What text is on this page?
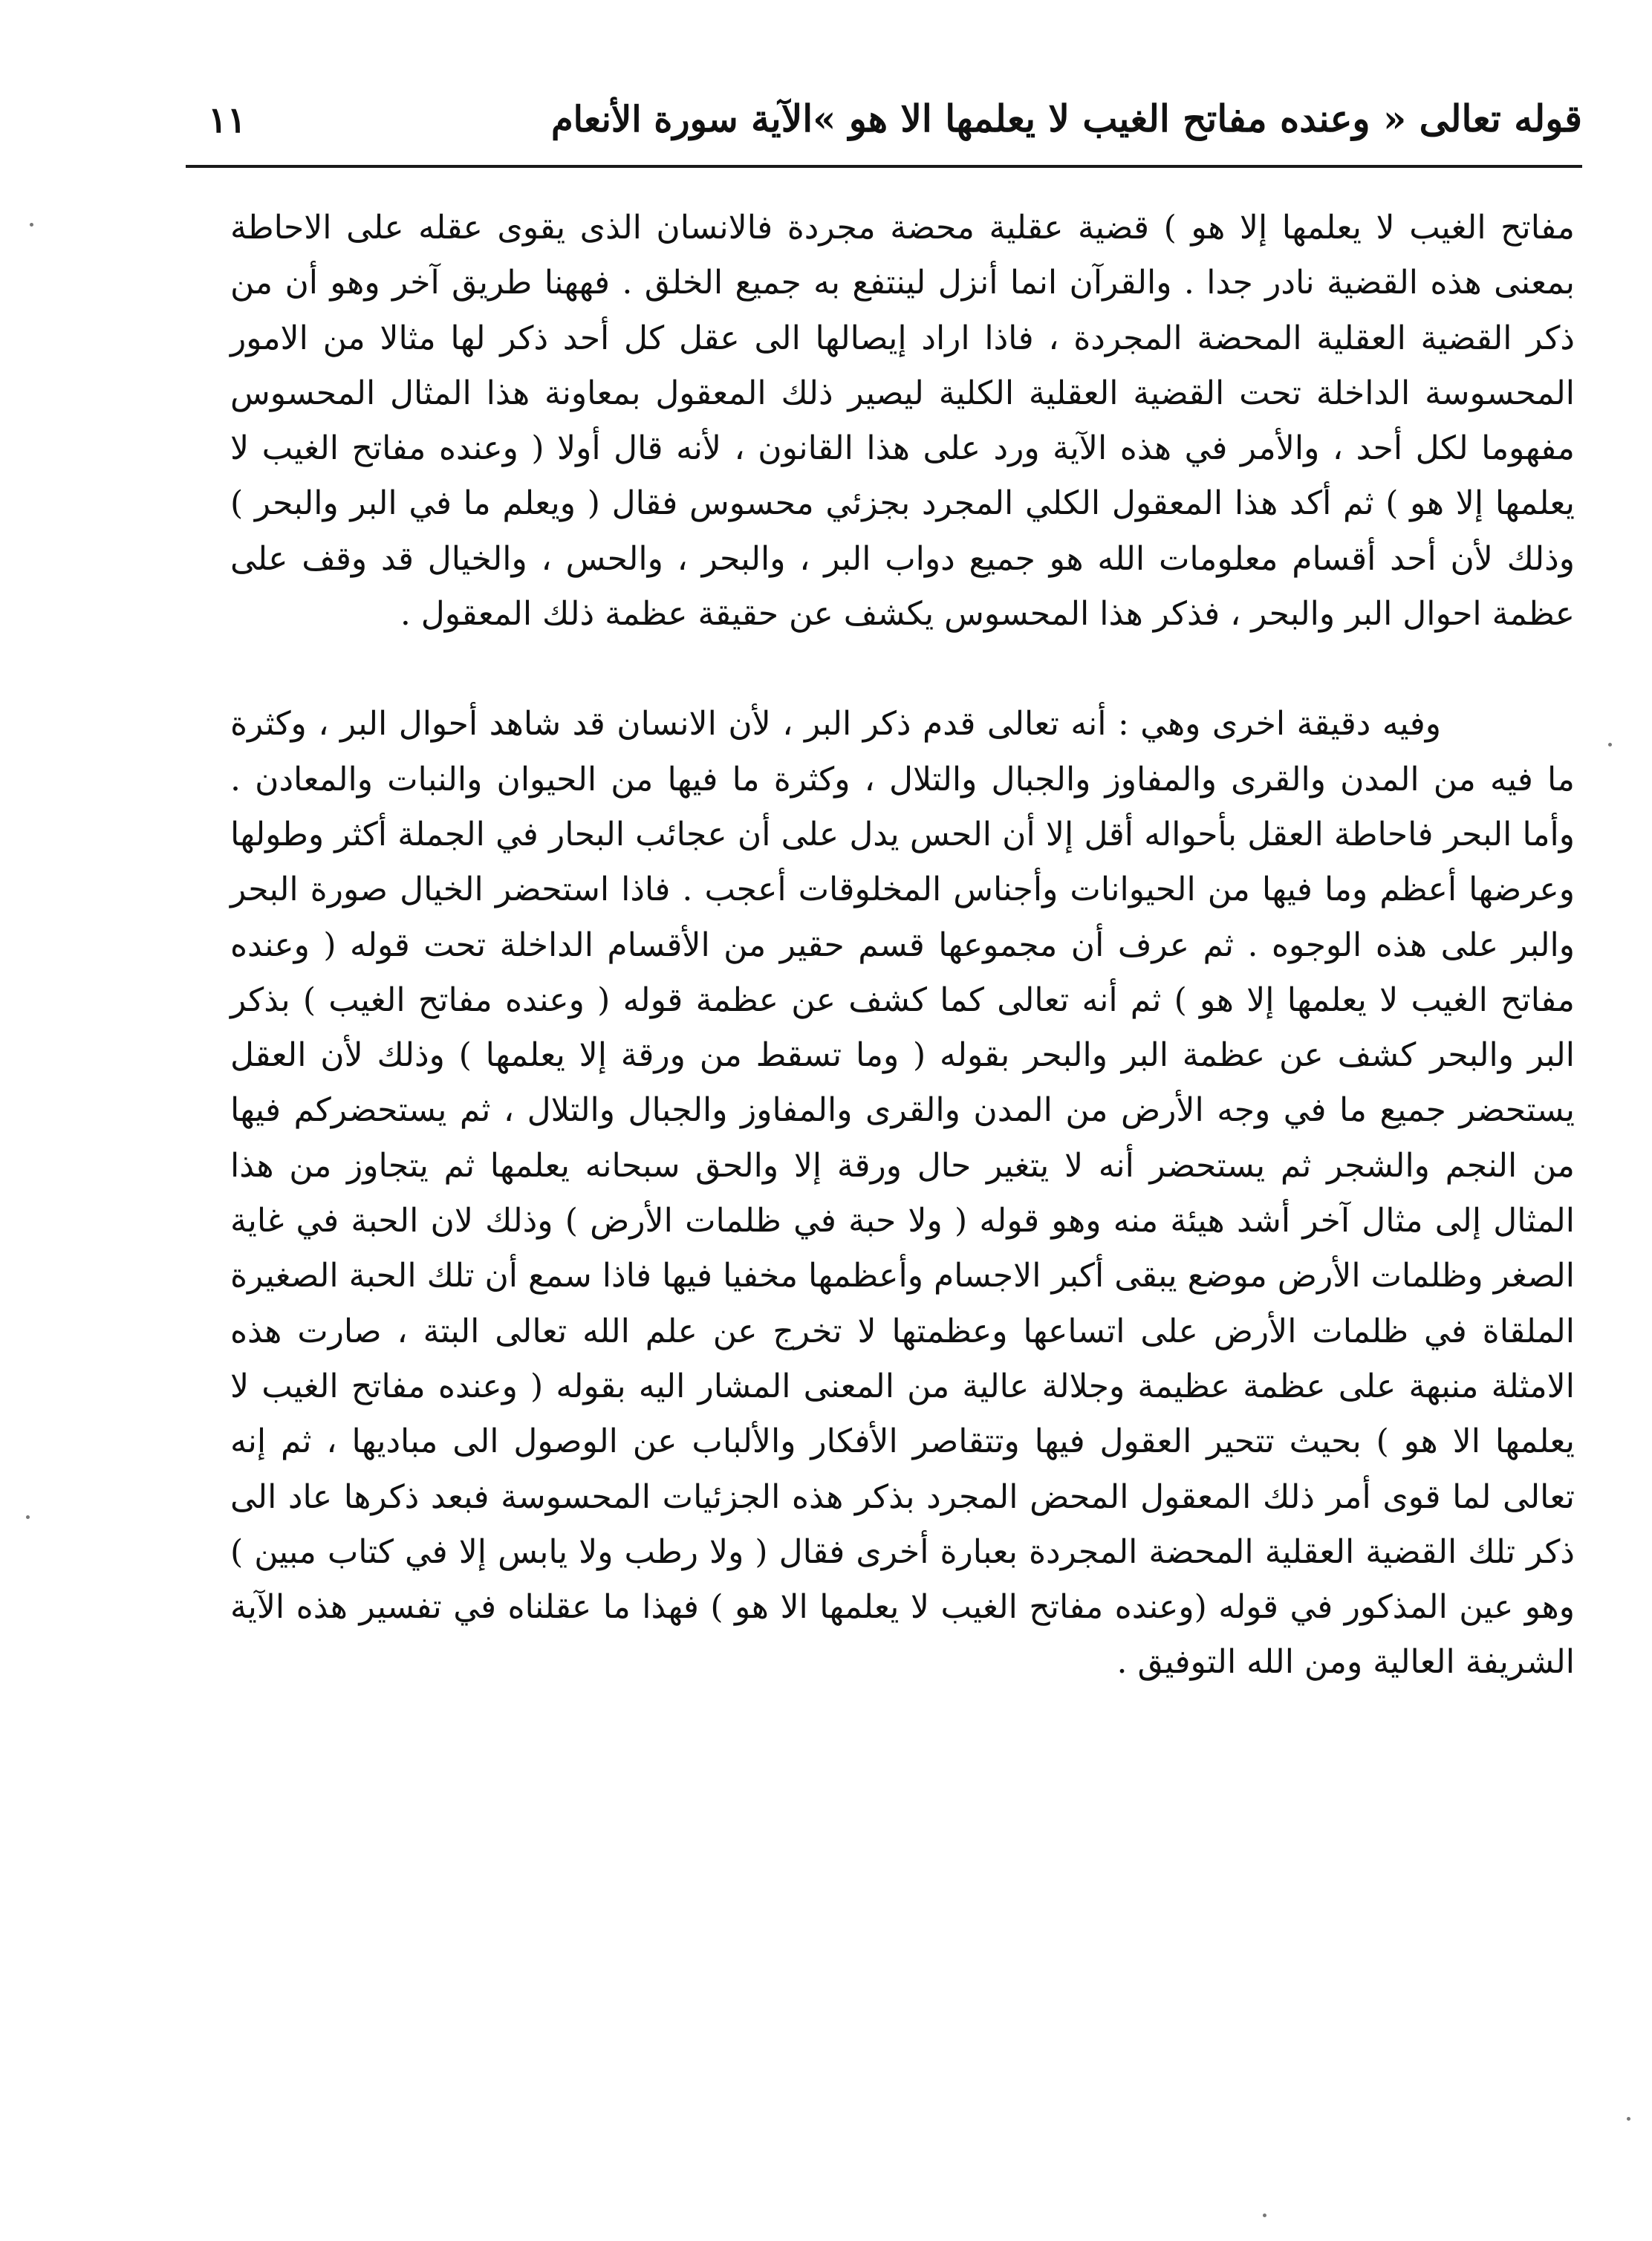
قوله تعالى « وعنده مفاتح الغيب لا يعلمها الا هو »الآية سورة الأنعام
١١

مفاتح الغيب لا يعلمها إلا هو ) قضية عقلية محضة مجردة فالانسان الذى يقوى عقله على الاحاطة بمعنى هذه القضية نادر جدا . والقرآن انما أنزل لينتفع به جميع الخلق . فههنا طريق آخر وهو أن من ذكر القضية العقلية المحضة المجردة ، فاذا اراد إيصالها الى عقل كل أحد ذكر لها مثالا من الامور المحسوسة الداخلة تحت القضية العقلية الكلية ليصير ذلك المعقول بمعاونة هذا المثال المحسوس مفهوما لكل أحد ، والأمر في هذه الآية ورد على هذا القانون ، لأنه قال أولا ( وعنده مفاتح الغيب لا يعلمها إلا هو ) ثم أكد هذا المعقول الكلي المجرد بجزئي محسوس فقال ( ويعلم ما في البر والبحر ) وذلك لأن أحد أقسام معلومات الله هو جميع دواب البر ، والبحر ، والحس ، والخيال قد وقف على عظمة احوال البر والبحر ، فذكر هذا المحسوس يكشف عن حقيقة عظمة ذلك المعقول .

وفيه دقيقة اخرى وهي : أنه تعالى قدم ذكر البر ، لأن الانسان قد شاهد أحوال البر ، وكثرة ما فيه من المدن والقرى والمفاوز والجبال والتلال ، وكثرة ما فيها من الحيوان والنبات والمعادن . وأما البحر فاحاطة العقل بأحواله أقل إلا أن الحس يدل على أن عجائب البحار في الجملة أكثر وطولها وعرضها أعظم وما فيها من الحيوانات وأجناس المخلوقات أعجب . فاذا استحضر الخيال صورة البحر والبر على هذه الوجوه . ثم عرف أن مجموعها قسم حقير من الأقسام الداخلة تحت قوله ( وعنده مفاتح الغيب لا يعلمها إلا هو ) ثم أنه تعالى كما كشف عن عظمة قوله ( وعنده مفاتح الغيب ) بذكر البر والبحر كشف عن عظمة البر والبحر بقوله ( وما تسقط من ورقة إلا يعلمها ) وذلك لأن العقل يستحضر جميع ما في وجه الأرض من المدن والقرى والمفاوز والجبال والتلال ، ثم يستحضركم فيها من النجم والشجر ثم يستحضر أنه لا يتغير حال ورقة إلا والحق سبحانه يعلمها ثم يتجاوز من هذا المثال إلى مثال آخر أشد هيئة منه وهو قوله ( ولا حبة في ظلمات الأرض ) وذلك لان الحبة في غاية الصغر وظلمات الأرض موضع يبقى أكبر الاجسام وأعظمها مخفيا فيها فاذا سمع أن تلك الحبة الصغيرة الملقاة في ظلمات الأرض على اتساعها وعظمتها لا تخرج عن علم الله تعالى البتة ، صارت هذه الامثلة منبهة على عظمة عظيمة وجلالة عالية من المعنى المشار اليه بقوله ( وعنده مفاتح الغيب لا يعلمها الا هو ) بحيث تتحير العقول فيها وتتقاصر الأفكار والألباب عن الوصول الى مباديها ، ثم إنه تعالى لما قوى أمر ذلك المعقول المحض المجرد بذكر هذه الجزئيات المحسوسة فبعد ذكرها عاد الى ذكر تلك القضية العقلية المحضة المجردة بعبارة أخرى فقال ( ولا رطب ولا يابس إلا في كتاب مبين ) وهو عين المذكور في قوله (وعنده مفاتح الغيب لا يعلمها الا هو ) فهذا ما عقلناه في تفسير هذه الآية الشريفة العالية ومن الله التوفيق .
